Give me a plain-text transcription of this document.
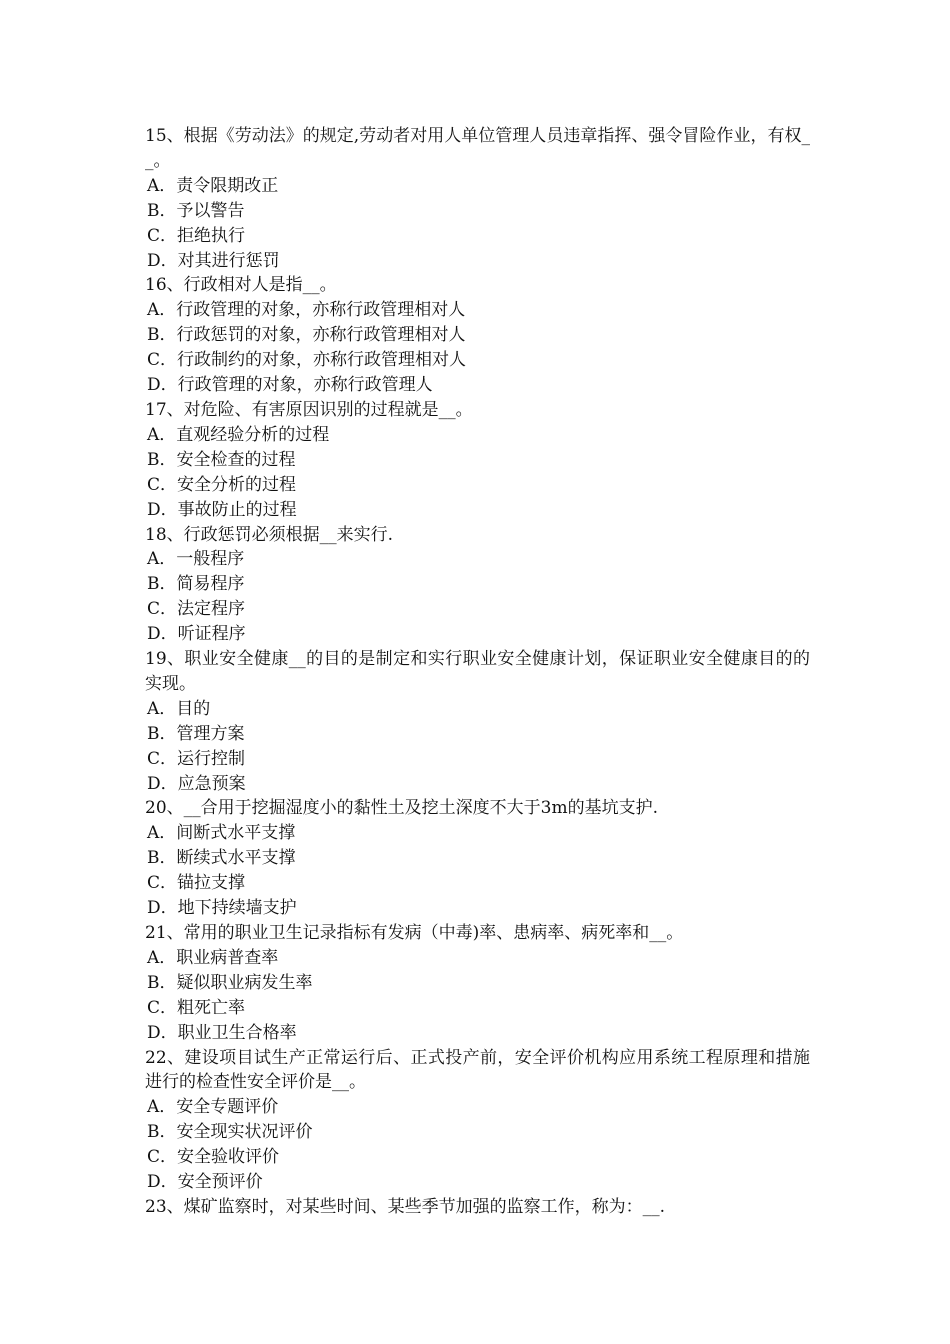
15、根据《劳动法》的规定,劳动者对用人单位管理人员违章指挥、强令冒险作业，有权__。
A．责令限期改正
B．予以警告
C．拒绝执行
D．对其进行惩罚
16、行政相对人是指__。
A．行政管理的对象，亦称行政管理相对人
B．行政惩罚的对象，亦称行政管理相对人
C．行政制约的对象，亦称行政管理相对人
D．行政管理的对象，亦称行政管理人
17、对危险、有害原因识别的过程就是__。
A．直观经验分析的过程
B．安全检查的过程
C．安全分析的过程
D．事故防止的过程
18、行政惩罚必须根据__来实行.
A．一般程序
B．简易程序
C．法定程序
D．听证程序
19、职业安全健康__的目的是制定和实行职业安全健康计划，保证职业安全健康目的的实现。
A．目的
B．管理方案
C．运行控制
D．应急预案
20、__合用于挖掘湿度小的黏性土及挖土深度不大于3m的基坑支护.
A．间断式水平支撑
B．断续式水平支撑
C．锚拉支撑
D．地下持续墙支护
21、常用的职业卫生记录指标有发病（中毒)率、患病率、病死率和__。
A．职业病普查率
B．疑似职业病发生率
C．粗死亡率
D．职业卫生合格率
22、建设项目试生产正常运行后、正式投产前，安全评价机构应用系统工程原理和措施进行的检查性安全评价是__。
A．安全专题评价
B．安全现实状况评价
C．安全验收评价
D．安全预评价
23、煤矿监察时，对某些时间、某些季节加强的监察工作，称为：__.
